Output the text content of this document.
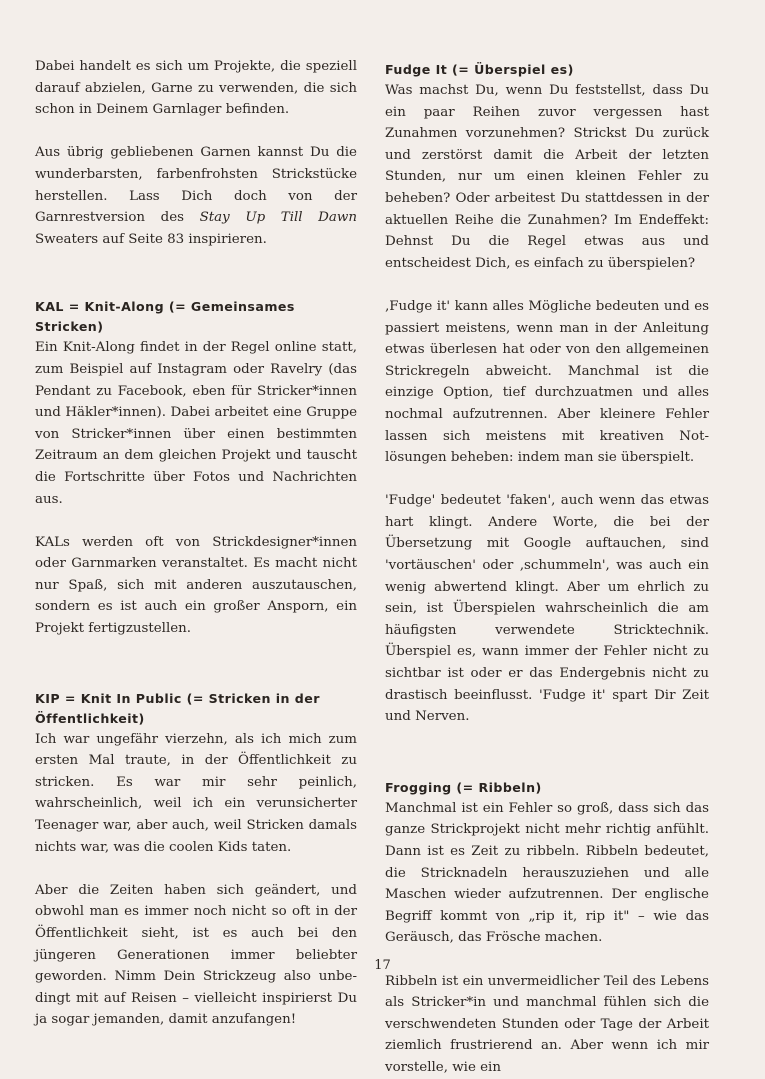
Dabei handelt es sich um Projekte, die speziell darauf abzielen, Garne zu verwenden, die sich schon in Deinem Garnlager befinden.

Aus übrig gebliebenen Garnen kannst Du die wunderbarsten, farbenfrohsten Strickstücke herstellen. Lass Dich doch von der Garnrestversion des Stay Up Till Dawn Sweaters auf Seite 83 inspirieren.

KAL = Knit-Along (= Gemeinsames Stricken)

Ein Knit-Along findet in der Regel online statt, zum Beispiel auf Instagram oder Ravelry (das Pendant zu Facebook, eben für Stricker*innen und Häkler*innen). Dabei arbeitet eine Gruppe von Stricker*innen über einen bestimmten Zeitraum an dem gleichen Projekt und tauscht die Fortschritte über Fotos und Nachrichten aus.

KALs werden oft von Strickdesigner*innen oder Garnmarken veranstaltet. Es macht nicht nur Spaß, sich mit anderen auszutauschen, sondern es ist auch ein großer Ansporn, ein Projekt fertigzustellen.

KIP = Knit In Public (= Stricken in der Öffentlichkeit)

Ich war ungefähr vierzehn, als ich mich zum ersten Mal traute, in der Öffentlichkeit zu stricken. Es war mir sehr peinlich, wahrscheinlich, weil ich ein verunsicherter Teenager war, aber auch, weil Stricken damals nichts war, was die coolen Kids taten.

Aber die Zeiten haben sich geändert, und obwohl man es immer noch nicht so oft in der Öffentlichkeit sieht, ist es auch bei den jüngeren Generationen immer beliebter geworden. Nimm Dein Strickzeug also unbedingt mit auf Reisen – vielleicht inspirierst Du ja sogar jemanden, damit anzufangen!

Fudge It (= Überspiel es)

Was machst Du, wenn Du feststellst, dass Du ein paar Reihen zuvor vergessen hast Zunahmen vorzunehmen? Strickst Du zurück und zerstörst damit die Arbeit der letzten Stunden, nur um einen kleinen Fehler zu beheben? Oder arbeitest Du stattdessen in der aktuellen Reihe die Zunahmen? Im Endeffekt: Dehnst Du die Regel etwas aus und entscheidest Dich, es einfach zu überspielen?

‚Fudge it' kann alles Mögliche bedeuten und es passiert meistens, wenn man in der Anleitung etwas überlesen hat oder von den allgemeinen Strickregeln abweicht. Manchmal ist die einzige Option, tief durchzuatmen und alles nochmal aufzutrennen. Aber kleinere Fehler lassen sich meistens mit kreativen Notlösungen beheben: indem man sie überspielt.

'Fudge' bedeutet 'faken', auch wenn das etwas hart klingt. Andere Worte, die bei der Übersetzung mit Google auftauchen, sind 'vortäuschen' oder ‚schummeln', was auch ein wenig abwertend klingt. Aber um ehrlich zu sein, ist Überspielen wahrscheinlich die am häufigsten verwendete Stricktechnik. Überspiel es, wann immer der Fehler nicht zu sichtbar ist oder er das Endergebnis nicht zu drastisch beeinflusst. 'Fudge it' spart Dir Zeit und Nerven.

Frogging (= Ribbeln)

Manchmal ist ein Fehler so groß, dass sich das ganze Strickprojekt nicht mehr richtig anfühlt. Dann ist es Zeit zu ribbeln. Ribbeln bedeutet, die Stricknadeln herauszuziehen und alle Maschen wieder aufzutrennen. Der englische Begriff kommt von „rip it, rip it" – wie das Geräusch, das Frösche machen.

Ribbeln ist ein unvermeidlicher Teil des Lebens als Stricker*in und manchmal fühlen sich die verschwendeten Stunden oder Tage der Arbeit ziemlich frustrierend an. Aber wenn ich mir vorstelle, wie ein

17
